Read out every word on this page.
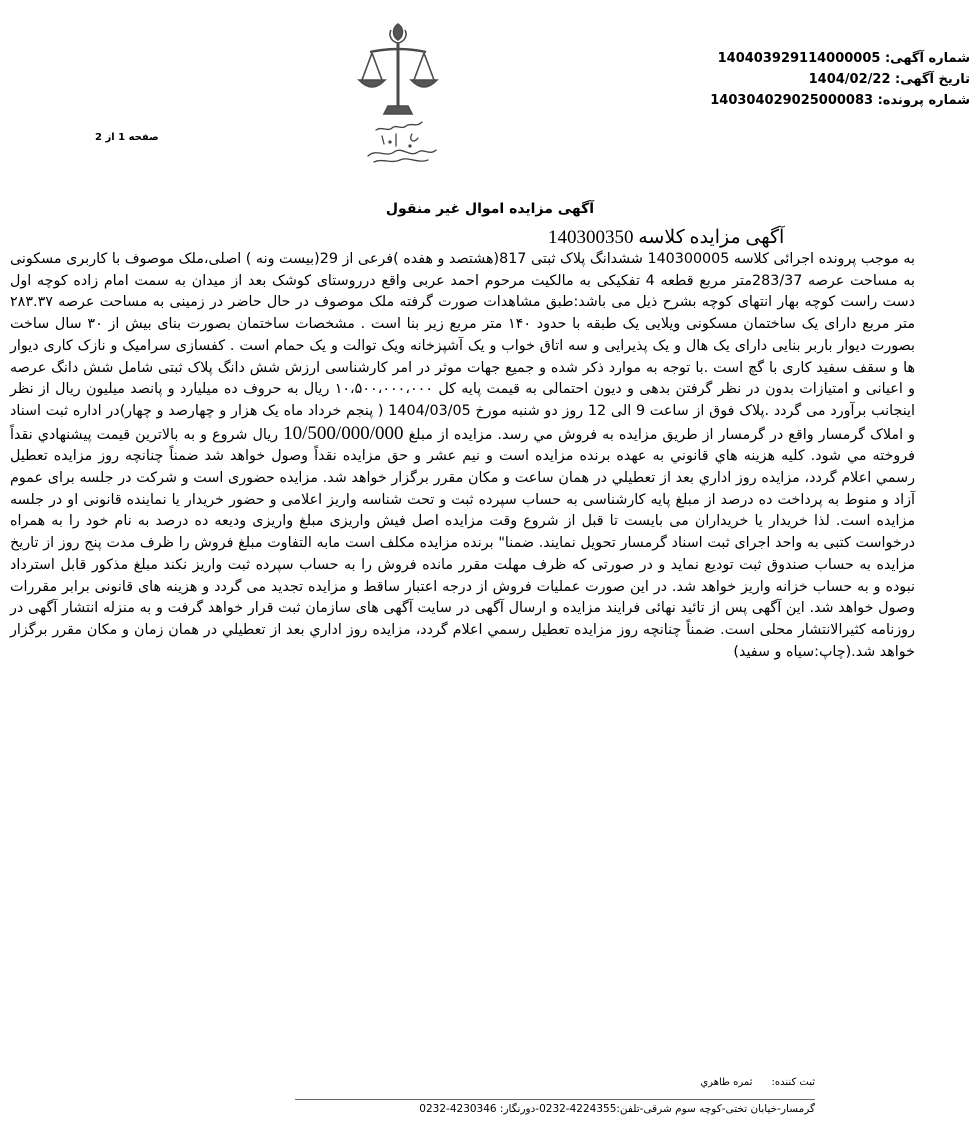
شماره آگهی: 140403929114000005
تاریخ آگهی: 1404/02/22
شماره پرونده: 140304029025000083
صفحه 1 از 2
آگهی مزایده اموال غیر منقول
آگهی مزایده کلاسه 140300350

به موجب پرونده اجرائی کلاسه 140300005 ششدانگ پلاک ثبتی 817(هشتصد و هفده )فرعی از 29(بیست ونه ) اصلی،ملک موصوف با کاربری مسکونی به مساحت عرصه 283/37متر مربع قطعه 4 تفکیکی به مالکیت مرحوم احمد عربی واقع درروستای کوشک بعد از میدان به سمت امام زاده کوچه اول دست راست کوچه بهار انتهای کوچه بشرح ذیل می باشد:طبق مشاهدات صورت گرفته ملک موصوف در حال حاضر در زمینی به مساحت عرصه ۲۸۳.۳۷ متر مربع دارای یک ساختمان مسکونی ویلایی یک طبقه با حدود ۱۴۰ متر مربع زیر بنا است . مشخصات ساختمان بصورت بنای بیش از ۳۰ سال ساخت بصورت دیوار باربر بنایی دارای یک هال و یک پذیرایی و سه اتاق خواب و یک آشپزخانه ویک توالت و یک حمام است . کفسازی سرامیک و نازک کاری دیوار ها و سقف سفید کاری با گچ است .با توجه به موارد ذکر شده و جمیع جهات موثر در امر کارشناسی ارزش شش دانگ پلاک ثبتی شامل شش دانگ عرصه و اعیانی و امتیازات بدون در نظر گرفتن بدهی و دیون احتمالی به قیمت پایه کل ۱۰،۵۰۰،۰۰۰،۰۰۰ ریال به حروف ده میلیارد و پانصد میلیون ریال از نظر اینجانب برآورد می گردد .پلاک فوق از ساعت 9 الی 12 روز دو شنبه مورخ 1404/03/05 ( پنجم خرداد ماه یک هزار و چهارصد و چهار)در اداره ثبت اسناد و املاک گرمسار واقع در گرمسار از طريق مزايده به فروش مي رسد. مزایده از مبلغ 10/500/000/000 ریال شروع و به بالاترين قيمت پيشنهادي نقداً فروخته مي شود. کلیه هزینه هاي قانوني به عهده برنده مزايده است و نيم عشر و حق مزايده نقداً وصول خواهد شد ضمناً چنانچه روز مزايده تعطيل رسمي اعلام گردد، مزايده روز اداري بعد از تعطيلي در همان ساعت و مكان مقرر برگزار خواهد شد. مزایده حضوری است و شرکت در جلسه برای عموم آزاد و منوط به پرداخت ده درصد از مبلغ پایه کارشناسی به حساب سپرده ثبت و تحت شناسه واریز اعلامی و حضور خریدار یا نماینده قانونی او در جلسه مزایده است. لذا خریدار یا خریداران می بایست تا قبل از شروع وقت مزایده اصل فیش واریزی مبلغ واریزی ودیعه ده درصد به نام خود را به همراه درخواست کتبی به واحد اجرای ثبت اسناد گرمسار تحویل نمایند. ضمنا" برنده مزایده مکلف است مابه التفاوت مبلغ فروش را ظرف مدت پنج روز از تاریخ مزایده به حساب صندوق ثبت تودیع نماید و در صورتی که ظرف مهلت مقرر مانده فروش را به حساب سپرده ثبت واریز نکند مبلغ مذکور قابل استرداد نبوده و به حساب خزانه واریز خواهد شد. در این صورت عملیات فروش از درجه اعتبار ساقط و مزایده تجدید می گردد و هزینه های قانونی برابر مقررات وصول خواهد شد. این آگهی پس از تائید نهائی فرایند مزایده و ارسال آگهی در سایت آگهی های سازمان ثبت قرار خواهد گرفت و به منزله انتشار آگهی در روزنامه کثیرالانتشار محلی است. ضمناً چنانچه روز مزايده تعطيل رسمي اعلام گردد، مزايده روز اداري بعد از تعطيلي در همان زمان و مكان مقرر برگزار خواهد شد.(چاپ:سیاه و سفید)

ثبت کننده:      ثمره طاهري
گرمسار-خیابان تختی-کوچه سوم شرقی-تلفن:4224355-0232-دورنگار: 4230346-0232
